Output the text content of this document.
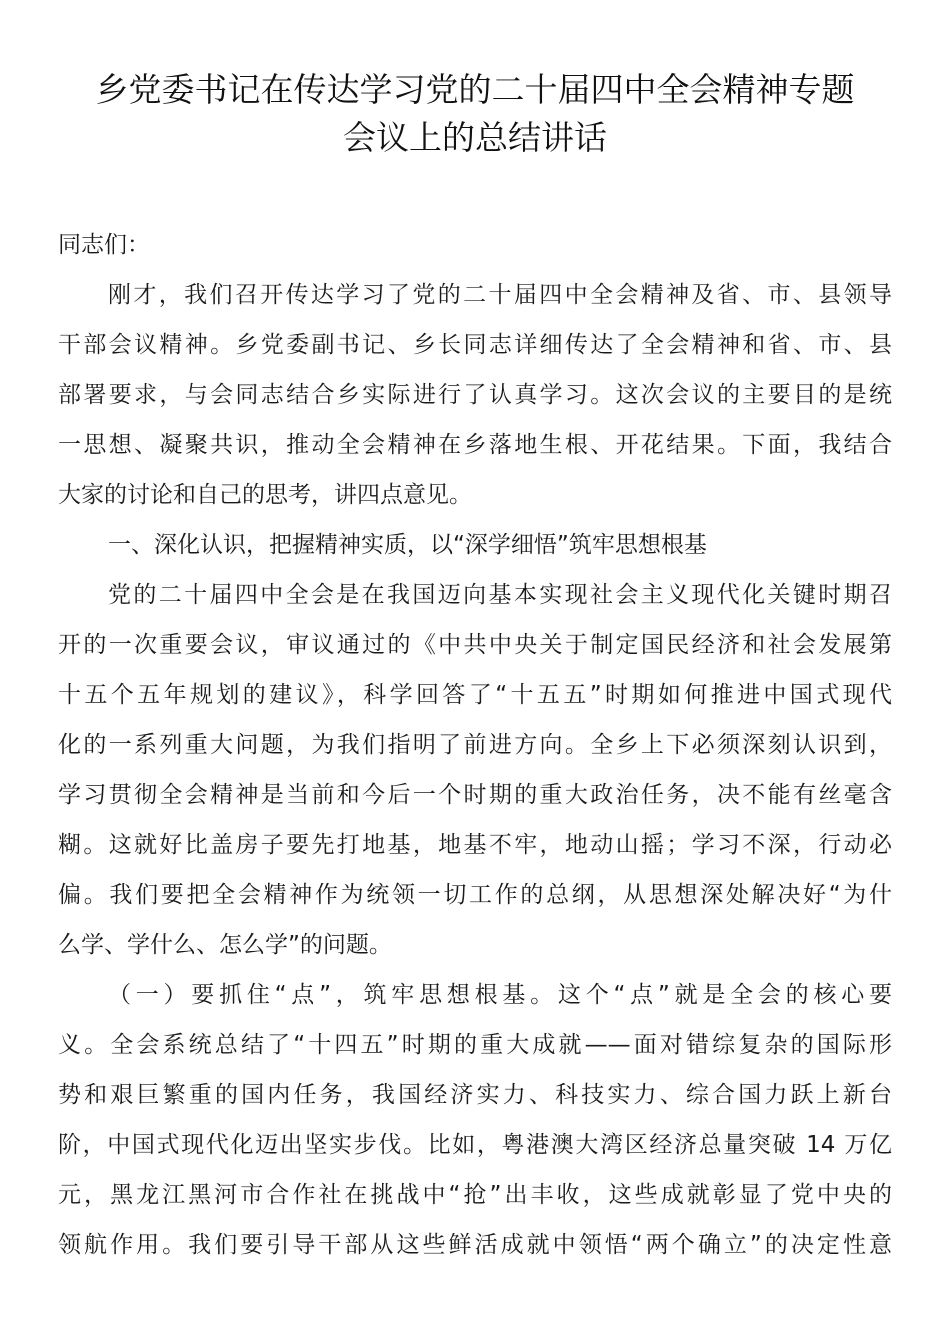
乡党委书记在传达学习党的二十届四中全会精神专题
会议上的总结讲话
同志们：
刚才，我们召开传达学习了党的二十届四中全会精神及省、市、县领导
干部会议精神。乡党委副书记、乡长同志详细传达了全会精神和省、市、县
部署要求，与会同志结合乡实际进行了认真学习。这次会议的主要目的是统
一思想、凝聚共识，推动全会精神在乡落地生根、开花结果。下面，我结合
大家的讨论和自己的思考，讲四点意见。
一、深化认识，把握精神实质，以“深学细悟”筑牢思想根基
党的二十届四中全会是在我国迈向基本实现社会主义现代化关键时期召
开的一次重要会议，审议通过的《中共中央关于制定国民经济和社会发展第
十五个五年规划的建议》，科学回答了“十五五”时期如何推进中国式现代
化的一系列重大问题，为我们指明了前进方向。全乡上下必须深刻认识到，
学习贯彻全会精神是当前和今后一个时期的重大政治任务，决不能有丝毫含
糊。这就好比盖房子要先打地基，地基不牢，地动山摇；学习不深，行动必
偏。我们要把全会精神作为统领一切工作的总纲，从思想深处解决好“为什
么学、学什么、怎么学”的问题。
（一）要抓住“点”，筑牢思想根基。这个“点”就是全会的核心要
义。全会系统总结了“十四五”时期的重大成就——面对错综复杂的国际形
势和艰巨繁重的国内任务，我国经济实力、科技实力、综合国力跃上新台
阶，中国式现代化迈出坚实步伐。比如，粤港澳大湾区经济总量突破 14 万亿
元，黑龙江黑河市合作社在挑战中“抢”出丰收，这些成就彰显了党中央的
领航作用。我们要引导干部从这些鲜活成就中领悟“两个确立”的决定性意
